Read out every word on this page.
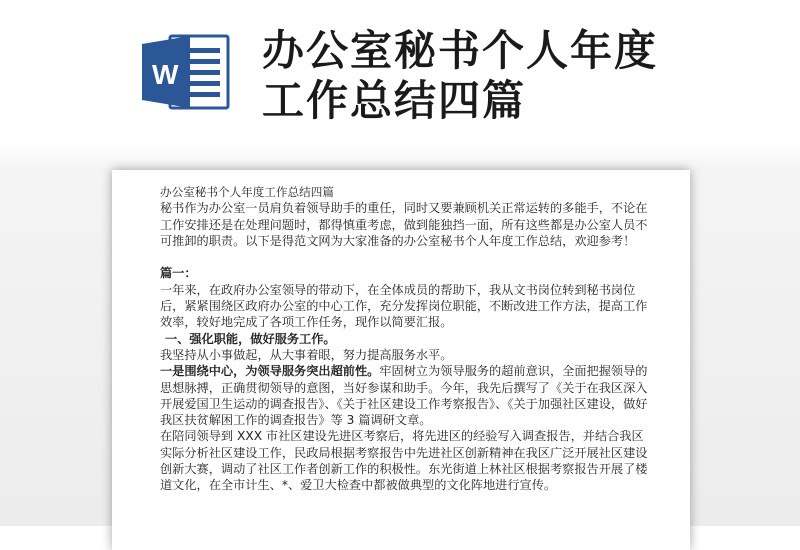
W 办公室秘书个人年度
工作总结四篇

办公室秘书个人年度工作总结四篇

秘书作为办公室一员肩负着领导助手的重任，同时又要兼顾机关正常运转的多能手，不论在工作安排还是在处理问题时，都得慎重考虑，做到能独挡一面，所有这些都是办公室人员不可推卸的职责。以下是得范文网为大家准备的办公室秘书个人年度工作总结，欢迎参考！

篇一：

一年来，在政府办公室领导的带动下，在全体成员的帮助下，我从文书岗位转到秘书岗位后，紧紧围绕区政府办公室的中心工作，充分发挥岗位职能，不断改进工作方法，提高工作效率，较好地完成了各项工作任务，现作以简要汇报。

一、强化职能，做好服务工作。

我坚持从小事做起，从大事着眼，努力提高服务水平。

一是围绕中心，为领导服务突出超前性。牢固树立为领导服务的超前意识，全面把握领导的思想脉搏，正确贯彻领导的意图，当好参谋和助手。今年，我先后撰写了《关于在我区深入开展爱国卫生运动的调查报告》、《关于社区建设工作考察报告》、《关于加强社区建设，做好我区扶贫解困工作的调查报告》等 3 篇调研文章。

在陪同领导到 XXX 市社区建设先进区考察后，将先进区的经验写入调查报告，并结合我区实际分析社区建设工作，民政局根据考察报告中先进社区创新精神在我区广泛开展社区建设创新大赛，调动了社区工作者创新工作的积极性。东光街道上林社区根据考察报告开展了楼道文化，在全市计生、*、爱卫大检查中都被做典型的文化阵地进行宣传。
